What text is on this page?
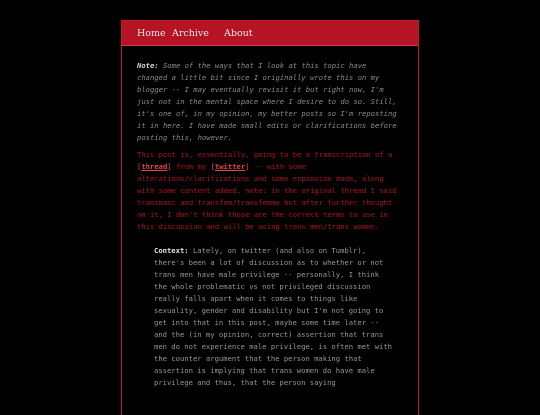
Home Archive About

Note: Some of the ways that I look at this topic have changed a little bit since I originally wrote this on my blogger -- I may eventually revisit it but right now, I'm just not in the mental space where I desire to do so. Still, it's one of, in my opinion, my better posts so I'm reposting it in here. I have made small edits or clarifications before posting this, however.

This post is, essentially, going to be a transcription of a [thread] from my [twitter] -- with some alterations/clarifications and some expansion made, along with some content added. note: in the original thread I said transmasc and transfem/transfemme but after further thought on it, I don't think those are the correct terms to use in this discussion and will be using trans men/trans women.

Context: Lately, on twitter (and also on Tumblr), there's been a lot of discussion as to whether or not trans men have male privilege -- personally, I think the whole problematic vs not privileged discussion really falls apart when it comes to things like sexuality, gender and disability but I'm not going to get into that in this post, maybe some time later -- and the (in my opinion, correct) assertion that trans men do not experience male privilege, is often met with the counter argument that the person making that assertion is implying that trans women do have male privilege and thus, that the person saying
